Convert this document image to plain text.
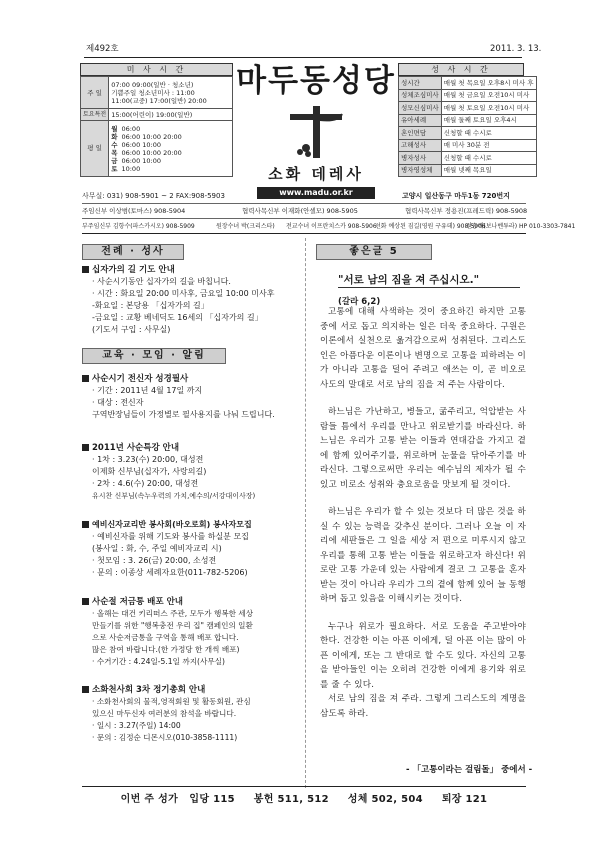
제492호	2011. 3. 13.
미 사 시 간
주 일	
07:00 09:00(일반 · 청소년)
기쁨주일 청소년미사 : 11:00
11:00(교중) 17:00(일반) 20:00

토요특전	15:00(어린이) 19:00(일반)
평 일	
월	06:00
화	06:00 10:00 20:00
수	06:00 10:00
목	06:00 10:00 20:00
금	06:00 10:00
토	10:00
마두동성당
소화 데레사
www.madu.or.kr
성 사 시 간
성시간	매월 첫 목요일 오후8시 미사 후
성체조심미사	매월 첫 금요일 오전10시 미사
성모신심미사	매월 첫 토요일 오전10시 미사
유아세례	매월 둘째 토요일 오후4시
혼인면담	신청할 때 수시로
고해성사	매 미사 30분 전
병자성사	신청할 때 수시로
병자영성체	매월 넷째 목요일
사무실: 031) 908-5901 ~ 2 FAX:908-5903	고양시 일산동구 마두1동 720번지
주임신부 이상범(토마스) 908-5904	협력사목신부 이재화(안셀모) 908-5905	협력사목신부 정용진(프레드릭) 908-5908
부주임신부 김항수(파스카시오) 908-5909	원장수녀 박(크리스타) 전교수녀 이프란치스카 908-5906
선화 예상된 짐길(영원 구유데) 908-5906
전승배(보나벤투라) HP 010-3303-7841
전례 · 성사
십자가의 길 기도 안내
· 사순시기동안 십자가의 길을 바칩니다.
· 시간 : 화요일 20:00 미사후, 금요일 10:00 미사후
-화요일 : 본당용 「십자가의 길」
-금요일 : 교황 베네딕도 16세의 「십자가의 길」
(기도서 구입 : 사무실)
교육 · 모임 · 알림
사순시기 전신자 성경필사
· 기간 : 2011년 4월 17일 까지
· 대상 : 전신자
구역반장님들이 가정별로 필사용지를 나눠 드립니다.
2011년 사순특강 안내
· 1차 : 3.23(수) 20:00, 대성전
이제화 신부님(십자가, 사랑의길)
· 2차 : 4.6(수) 20:00, 대성전
유시찬 신부님(속누우력의 가치,예수의/서강대이사장)
예비신자교리반 봉사회(바오로회) 봉사자모집
· 예비신자를 위해 기도와 봉사를 하실분 모집
(봉사일 : 화, 수, 주일 예비자교리 시)
· 첫모임 : 3. 26(금) 20:00, 소성전
· 문의 : 이종상 세례자요한(011-782-5206)
사순절 저금통 배포 안내
· 올해는 대건 키리떠스 주관, 모두가 행복한 세상
만들기를 위한 "행복충전 우리 집" 캠페인의 일환
으로 사순저금통을 구역을 통해 배포 합니다.
많은 참여 바랍니다.(한 가정당 한 개씩 배포)
· 수거기간 : 4.24일-5.1일 까지(사무실)
소화천사회 3차 정기총회 안내
· 소화천사회의 물적,영적회원 및 활동회원, 관심
있으신 마두신자 여러분의 참석을 바랍니다.
· 일시 : 3.27(주일) 14:00
· 문의 : 김정순 디몬시오(010-3858-1111)
좋은글 5
"서로 남의 짐을 져 주십시오." (갈라 6,2)

고통에 대해 사색하는 것이 중요하긴 하지만 고통 중에 서로 돕고 의지하는 일은 더욱 중요하다. 구원은 이론에서 실천으로 옮겨감으로써 성취된다. 그리스도인은 아픔다운 이론이나 변명으로 고통을 피하려는 이가 아니라 고통을 덜어 주려고 애쓰는 이, 곧 비오로 사도의 말대로 서로 남의 짐을 져 주는 사람이다.

하느님은 가난하고, 병들고, 굶주리고, 억압받는 사람들 틈에서 우리를 만나고 위로받기를 바라신다. 하느님은 우리가 고통 받는 이들과 연대감을 가지고 곁에 함께 있어주기를, 위로하며 눈물을 닦아주기를 바라신다. 그렇으로써만 우리는 예수님의 제자가 될 수 있고 비로소 성취와 충요로움을 맛보게 될 것이다.

하느님은 우리가 할 수 있는 것보다 더 많은 것을 하실 수 있는 능력을 갖추신 분이다. 그러나 오늘 이 자리에 세판들은 그 일을 세상 저 편으로 미루시지 않고 우리를 통해 고통 받는 이들을 위로하고자 하신다! 위로란 고통 가운데 있는 사람에게 결코 그 고통을 혼자 받는 것이 아니라 우리가 그의 곁에 함께 있어 늘 동행하며 돕고 있음을 이해시키는 것이다.

누구나 위로가 필요하다. 서로 도움을 주고받아야 한다. 건강한 이는 아픈 이에게, 덜 아픈 이는 많이 아픈 이에게, 또는 그 반대로 할 수도 있다. 자신의 고통을 받아들인 이는 오히려 건강한 이에게 용기와 위로를 줄 수 있다.

서로 남의 짐을 져 주라. 그렇게 그리스도의 계명을 삼도록 하라.

- 「고통이라는 걸림돌」 중에서 -
이번 주 성가   입당 115     봉헌 511, 512     성체 502, 504     퇴장 121
